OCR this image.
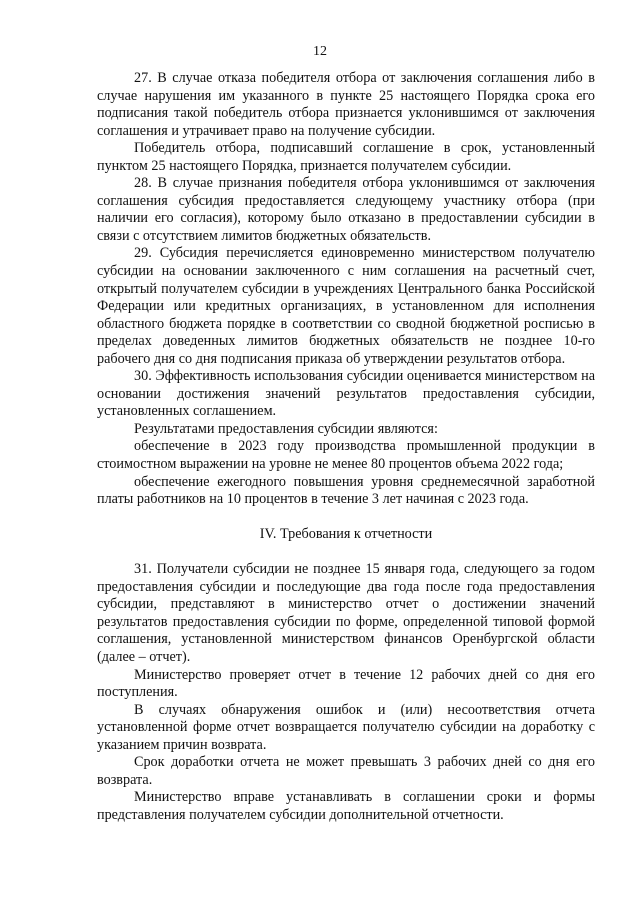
12

27. В случае отказа победителя отбора от заключения соглашения либо в случае нарушения им указанного в пункте 25 настоящего Порядка срока его подписания такой победитель отбора признается уклонившимся от заключения соглашения и утрачивает право на получение субсидии.

Победитель отбора, подписавший соглашение в срок, установленный пунктом 25 настоящего Порядка, признается получателем субсидии.

28. В случае признания победителя отбора уклонившимся от заключения соглашения субсидия предоставляется следующему участнику отбора (при наличии его согласия), которому было отказано в предоставлении субсидии в связи с отсутствием лимитов бюджетных обязательств.

29. Субсидия перечисляется единовременно министерством получателю субсидии на основании заключенного с ним соглашения на расчетный счет, открытый получателем субсидии в учреждениях Центрального банка Российской Федерации или кредитных организациях, в установленном для исполнения областного бюджета порядке в соответствии со сводной бюджетной росписью в пределах доведенных лимитов бюджетных обязательств не позднее 10-го рабочего дня со дня подписания приказа об утверждении результатов отбора.

30. Эффективность использования субсидии оценивается министерством на основании достижения значений результатов предоставления субсидии, установленных соглашением.

Результатами предоставления субсидии являются:

обеспечение в 2023 году производства промышленной продукции в стоимостном выражении на уровне не менее 80 процентов объема 2022 года;

обеспечение ежегодного повышения уровня среднемесячной заработной платы работников на 10 процентов в течение 3 лет начиная с 2023 года.

IV. Требования к отчетности

31. Получатели субсидии не позднее 15 января года, следующего за годом предоставления субсидии и последующие два года после года предоставления субсидии, представляют в министерство отчет о достижении значений результатов предоставления субсидии по форме, определенной типовой формой соглашения, установленной министерством финансов Оренбургской области (далее – отчет).

Министерство проверяет отчет в течение 12 рабочих дней со дня его поступления.

В случаях обнаружения ошибок и (или) несоответствия отчета установленной форме отчет возвращается получателю субсидии на доработку с указанием причин возврата.

Срок доработки отчета не может превышать 3 рабочих дней со дня его возврата.

Министерство вправе устанавливать в соглашении сроки и формы представления получателем субсидии дополнительной отчетности.
